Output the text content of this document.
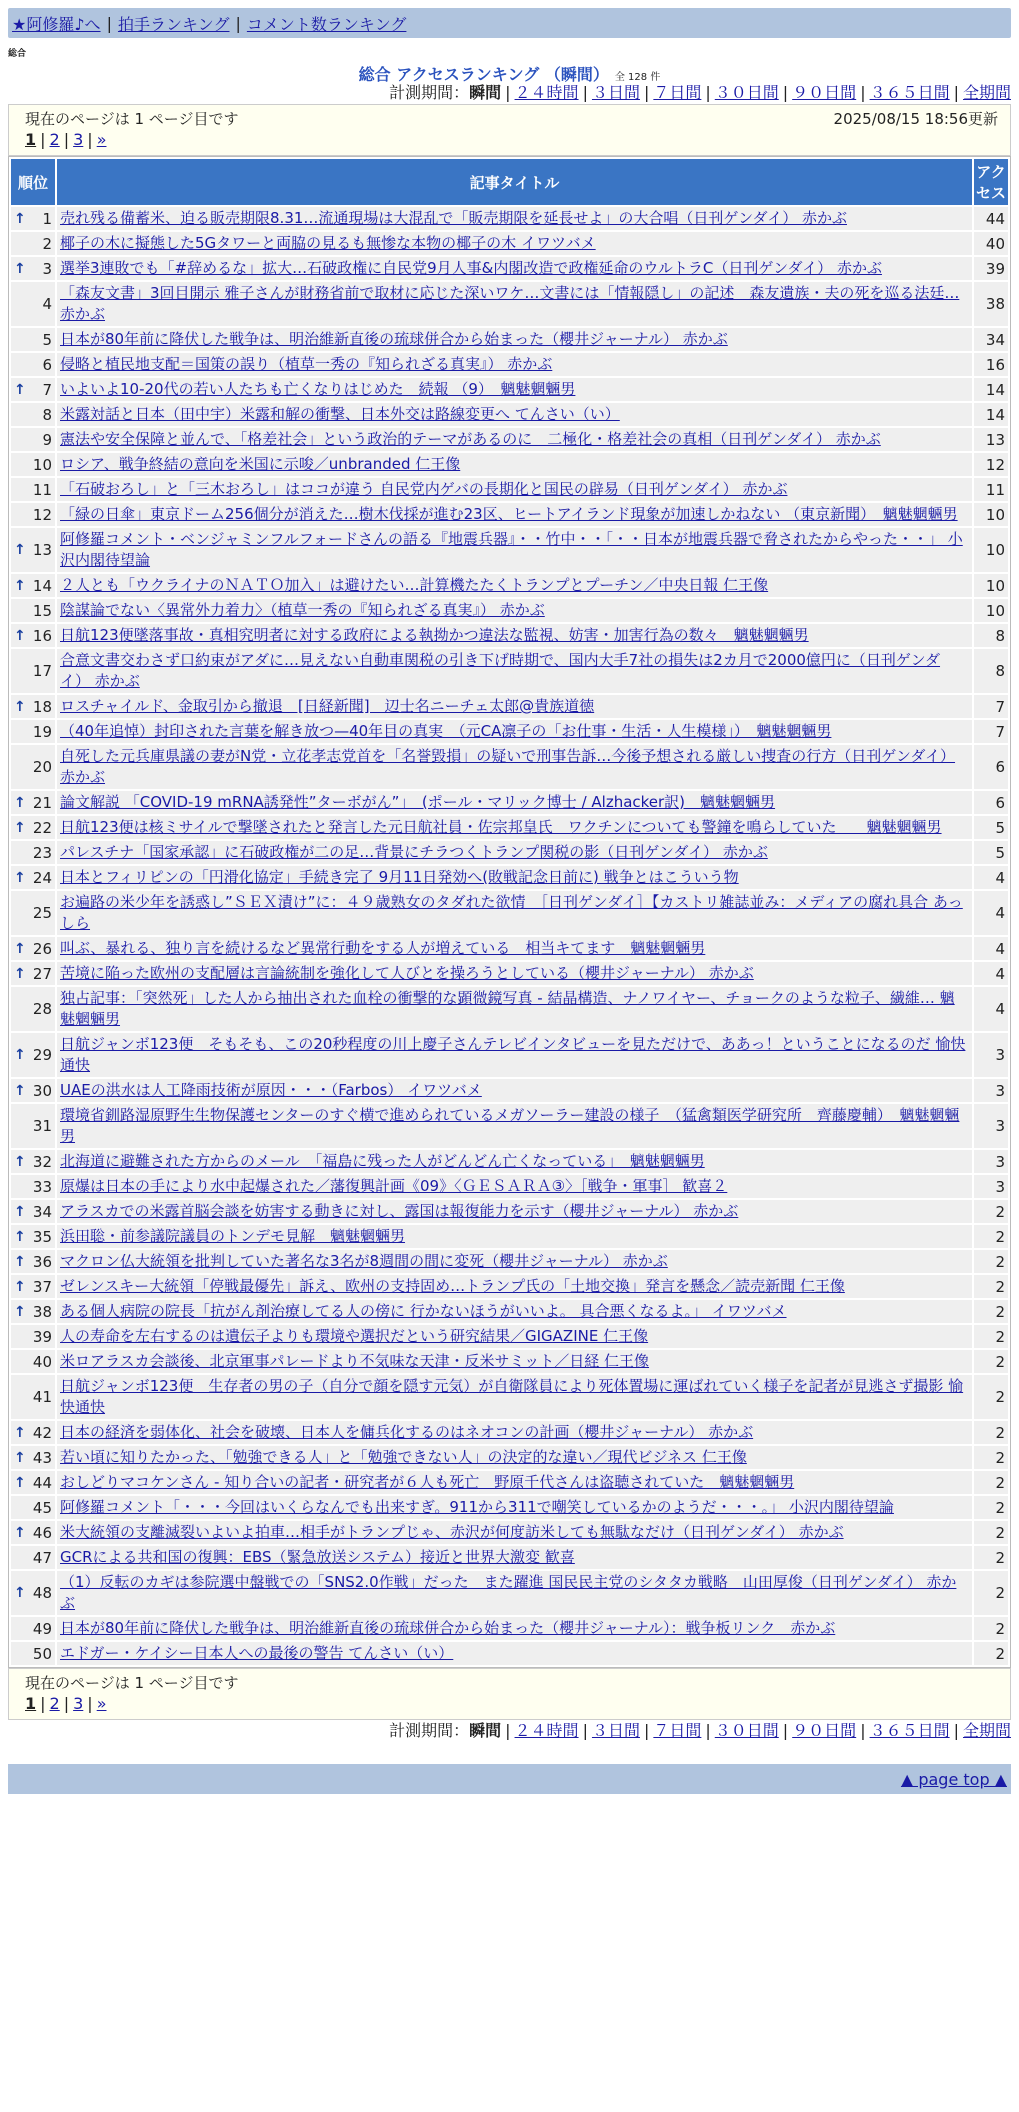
★阿修羅♪へ | 拍手ランキング | コメント数ランキング
総合
総合 アクセスランキング （瞬間） 全 128 件
計測期間：瞬間 | ２４時間 | ３日間 | ７日間 | ３０日間 | ９０日間 | ３６５日間 | 全期間
現在のページは 1 ページ目です	2025/08/15 18:56更新
1 | 2 | 3 | »
順位	記事タイトル	アクセス

↑ 1	売れ残る備蓄米、迫る販売期限8.31…流通現場は大混乱で「販売期限を延長せよ」の大合唱（日刊ゲンダイ） 赤かぶ	44
2	椰子の木に擬態した5Gタワーと両脇の見るも無惨な本物の椰子の木 イワツバメ	40

↑ 3	選挙3連敗でも「#辞めるな」拡大…石破政権に自民党9月人事&内閣改造で政権延命のウルトラC（日刊ゲンダイ） 赤かぶ	39
4	「森友文書」3回目開示 雅子さんが財務省前で取材に応じた深いワケ…文書には「情報隠し」の記述　森友遺族・夫の死を巡る法廷… 赤かぶ	38
5	日本が80年前に降伏した戦争は、明治維新直後の琉球併合から始まった（櫻井ジャーナル） 赤かぶ	34
6	侵略と植民地支配＝国策の誤り（植草一秀の『知られざる真実』） 赤かぶ	16

↑ 7	いよいよ10-20代の若い人たちも亡くなりはじめた　続報 （9）　魑魅魍魎男	14
8	米露対話と日本（田中宇）米露和解の衝撃、日本外交は路線変更へ てんさい（い）	14
9	憲法や安全保障と並んで、「格差社会」という政治的テーマがあるのに　二極化・格差社会の真相（日刊ゲンダイ） 赤かぶ	13
10	ロシア、戦争終結の意向を米国に示唆／unbranded 仁王像	12
11	「石破おろし」と「三木おろし」はココが違う 自民党内ゲバの長期化と国民の辟易（日刊ゲンダイ） 赤かぶ	11
12	「緑の日傘」東京ドーム256個分が消えた…樹木伐採が進む23区、ヒートアイランド現象が加速しかねない （東京新聞）　魑魅魍魎男	10

↑ 13	阿修羅コメント・ベンジャミンフルフォードさんの語る『地震兵器』・・竹中・・「・・日本が地震兵器で脅されたからやった・・」 小沢内閣待望論	10

↑ 14	２人とも「ウクライナのＮＡＴＯ加入」は避けたい…計算機たたくトランプとプーチン／中央日報 仁王像	10
15	陰謀論でない〈異常外力着力〉（植草一秀の『知られざる真実』） 赤かぶ	10

↑ 16	日航123便墜落事故・真相究明者に対する政府による執拗かつ違法な監視、妨害・加害行為の数々　魑魅魍魎男	8
17	合意文書交わさず口約束がアダに…見えない自動車関税の引き下げ時期で、国内大手7社の損失は2カ月で2000億円に（日刊ゲンダイ） 赤かぶ	8

↑ 18	ロスチャイルド、金取引から撤退　[日経新聞]　辺士名ニーチェ太郎@貴族道徳	7
19	（40年追悼）封印された言葉を解き放つ—40年目の真実　（元CA凛子の「お仕事・生活・人生模様」）　魑魅魍魎男	7
20	自死した元兵庫県議の妻がN党・立花孝志党首を「名誉毀損」の疑いで刑事告訴…今後予想される厳しい捜査の行方（日刊ゲンダイ） 赤かぶ	6

↑ 21	論文解説 「COVID-19 mRNA誘発性”ターボがん”」　(ポール・マリック博士 / Alzhacker訳)　魑魅魍魎男	6

↑ 22	日航123便は核ミサイルで撃墜されたと発言した元日航社員・佐宗邦皇氏　ワクチンについても警鐘を鳴らしていた　　魑魅魍魎男	5
23	パレスチナ「国家承認」に石破政権が二の足…背景にチラつくトランプ関税の影（日刊ゲンダイ） 赤かぶ	5

↑ 24	日本とフィリピンの「円滑化協定」手続き完了 9月11日発効へ(敗戦記念日前に) 戦争とはこういう物	4
25	お遍路の米少年を誘惑し”ＳＥＸ漬け”に：４９歳熟女のタダれた欲情　［日刊ゲンダイ］【カストリ雑誌並み：メディアの腐れ具合 あっしら	4

↑ 26	叫ぶ、暴れる、独り言を続けるなど異常行動をする人が増えている　相当キてます　魑魅魍魎男	4

↑ 27	苦境に陥った欧州の支配層は言論統制を強化して人びとを操ろうとしている（櫻井ジャーナル） 赤かぶ	4
28	独占記事：「突然死」した人から抽出された血栓の衝撃的な顕微鏡写真 - 結晶構造、ナノワイヤー、チョークのような粒子、繊維… 魑魅魍魎男	4

↑ 29	日航ジャンボ123便　そもそも、この20秒程度の川上慶子さんテレビインタビューを見ただけで、ああっ！ということになるのだ 愉快通快	3

↑ 30	UAEの洪水は人工降雨技術が原因・・・（Farbos） イワツバメ	3
31	環境省釧路湿原野生生物保護センターのすぐ横で進められているメガソーラー建設の様子　（猛禽類医学研究所　齊藤慶輔）　魑魅魍魎男	3

↑ 32	北海道に避難された方からのメール　「福島に残った人がどんどん亡くなっている」　魑魅魍魎男	3
33	原爆は日本の手により水中起爆された／藩復興計画《09》〈ＧＥＳＡＲＡ③〉［戦争・軍事］ 歓喜２	3

↑ 34	アラスカでの米露首脳会談を妨害する動きに対し、露国は報復能力を示す（櫻井ジャーナル） 赤かぶ	2

↑ 35	浜田聡・前参議院議員のトンデモ見解　魑魅魍魎男	2

↑ 36	マクロン仏大統領を批判していた著名な3名が8週間の間に変死（櫻井ジャーナル） 赤かぶ	2

↑ 37	ゼレンスキー大統領「停戦最優先」訴え、欧州の支持固め…トランプ氏の「土地交換」発言を懸念／読売新聞 仁王像	2

↑ 38	ある個人病院の院長「抗がん剤治療してる人の傍に 行かないほうがいいよ。 具合悪くなるよ。」 イワツバメ	2
39	人の寿命を左右するのは遺伝子よりも環境や選択だという研究結果／GIGAZINE 仁王像	2
40	米ロアラスカ会談後、北京軍事パレードより不気味な天津・反米サミット／日経 仁王像	2
41	日航ジャンボ123便　生存者の男の子（自分で顔を隠す元気）が自衛隊員により死体置場に運ばれていく様子を記者が見逃さず撮影 愉快通快	2

↑ 42	日本の経済を弱体化、社会を破壊、日本人を傭兵化するのはネオコンの計画（櫻井ジャーナル） 赤かぶ	2

↑ 43	若い頃に知りたかった、「勉強できる人」と「勉強できない人」の決定的な違い／現代ビジネス 仁王像	2

↑ 44	おしどりマコケンさん - 知り合いの記者・研究者が６人も死亡　野原千代さんは盗聴されていた　魑魅魍魎男	2
45	阿修羅コメント「・・・今回はいくらなんでも出来すぎ。911から311で嘲笑しているかのようだ・・・。」 小沢内閣待望論	2

↑ 46	米大統領の支離滅裂いよいよ拍車…相手がトランプじゃ、赤沢が何度訪米しても無駄なだけ（日刊ゲンダイ） 赤かぶ	2
47	GCRによる共和国の復興：EBS（緊急放送システム）接近と世界大激変 歓喜	2

↑ 48	（1）反転のカギは参院選中盤戦での「SNS2.0作戦」だった　また躍進 国民民主党のシタタカ戦略　山田厚俊（日刊ゲンダイ） 赤かぶ	2
49	日本が80年前に降伏した戦争は、明治維新直後の琉球併合から始まった（櫻井ジャーナル）：戦争板リンク　赤かぶ	2
50	エドガー・ケイシー日本人への最後の警告 てんさい（い）	2
現在のページは 1 ページ目です
1 | 2 | 3 | »
計測期間：瞬間 | ２４時間 | ３日間 | ７日間 | ３０日間 | ９０日間 | ３６５日間 | 全期間
▲ page top ▲
